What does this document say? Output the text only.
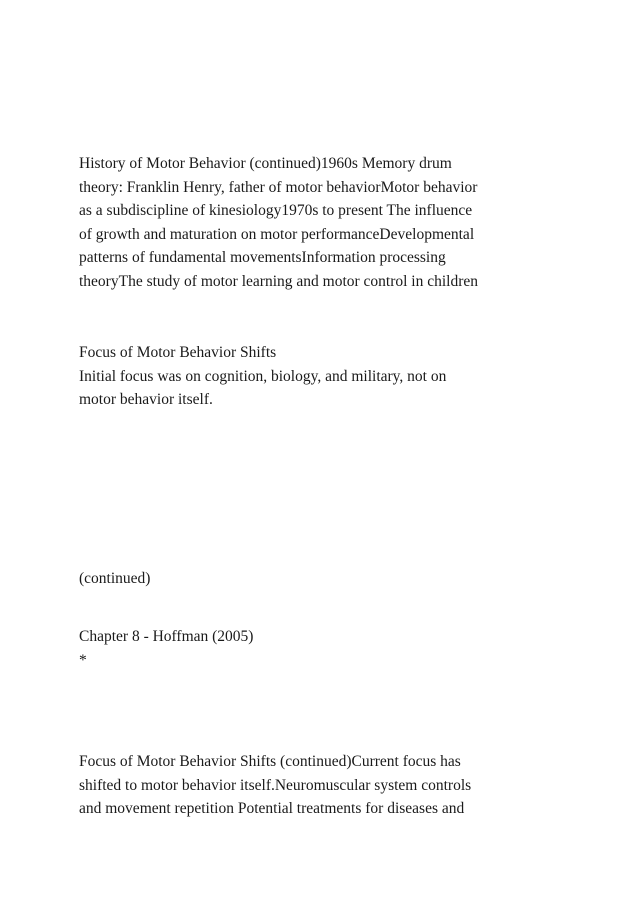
History of Motor Behavior (continued)1960s Memory drum
theory: Franklin Henry, father of motor behaviorMotor behavior
as a subdiscipline of kinesiology1970s to present The influence
of growth and maturation on motor performanceDevelopmental
patterns of fundamental movementsInformation processing
theoryThe study of motor learning and motor control in children
Focus of Motor Behavior Shifts
Initial focus was on cognition, biology, and military, not on
motor behavior itself.
(continued)
Chapter 8 - Hoffman (2005)
*
Focus of Motor Behavior Shifts (continued)Current focus has
shifted to motor behavior itself.Neuromuscular system controls
and movement repetition Potential treatments for diseases and
